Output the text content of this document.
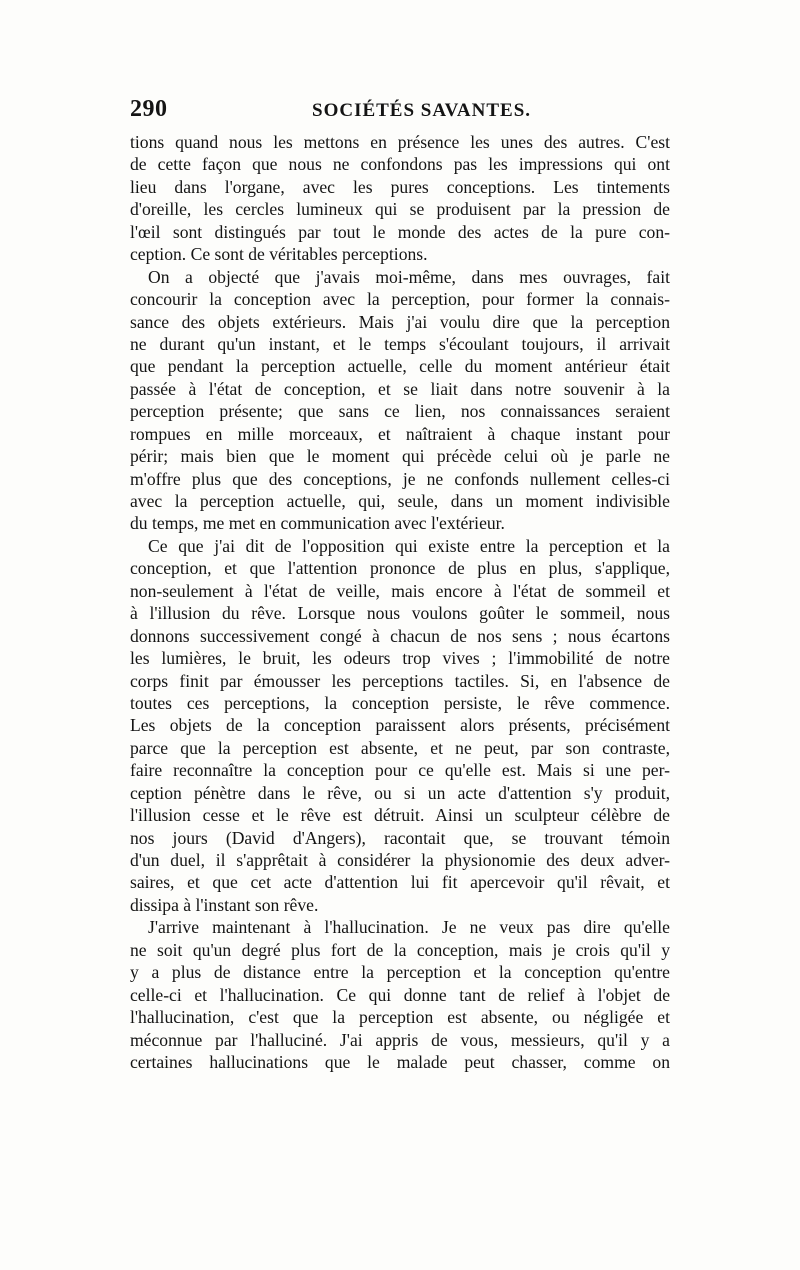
290	SOCIÉTÉS SAVANTES.
tions quand nous les mettons en présence les unes des autres. C'est
de cette façon que nous ne confondons pas les impressions qui ont
lieu dans l'organe, avec les pures conceptions. Les tintements
d'oreille, les cercles lumineux qui se produisent par la pression de
l'œil sont distingués par tout le monde des actes de la pure con-
ception. Ce sont de véritables perceptions.
On a objecté que j'avais moi-même, dans mes ouvrages, fait
concourir la conception avec la perception, pour former la connais-
sance des objets extérieurs. Mais j'ai voulu dire que la perception
ne durant qu'un instant, et le temps s'écoulant toujours, il arrivait
que pendant la perception actuelle, celle du moment antérieur était
passée à l'état de conception, et se liait dans notre souvenir à la
perception présente; que sans ce lien, nos connaissances seraient
rompues en mille morceaux, et naîtraient à chaque instant pour
périr; mais bien que le moment qui précède celui où je parle ne
m'offre plus que des conceptions, je ne confonds nullement celles-ci
avec la perception actuelle, qui, seule, dans un moment indivisible
du temps, me met en communication avec l'extérieur.
Ce que j'ai dit de l'opposition qui existe entre la perception et la
conception, et que l'attention prononce de plus en plus, s'applique,
non-seulement à l'état de veille, mais encore à l'état de sommeil et
à l'illusion du rêve. Lorsque nous voulons goûter le sommeil, nous
donnons successivement congé à chacun de nos sens ; nous écartons
les lumières, le bruit, les odeurs trop vives ; l'immobilité de notre
corps finit par émousser les perceptions tactiles. Si, en l'absence de
toutes ces perceptions, la conception persiste, le rêve commence.
Les objets de la conception paraissent alors présents, précisément
parce que la perception est absente, et ne peut, par son contraste,
faire reconnaître la conception pour ce qu'elle est. Mais si une per-
ception pénètre dans le rêve, ou si un acte d'attention s'y produit,
l'illusion cesse et le rêve est détruit. Ainsi un sculpteur célèbre de
nos jours (David d'Angers), racontait que, se trouvant témoin
d'un duel, il s'apprêtait à considérer la physionomie des deux adver-
saires, et que cet acte d'attention lui fit apercevoir qu'il rêvait, et
dissipa à l'instant son rêve.
J'arrive maintenant à l'hallucination. Je ne veux pas dire qu'elle
ne soit qu'un degré plus fort de la conception, mais je crois qu'il y
y a plus de distance entre la perception et la conception qu'entre
celle-ci et l'hallucination. Ce qui donne tant de relief à l'objet de
l'hallucination, c'est que la perception est absente, ou négligée et
méconnue par l'halluciné. J'ai appris de vous, messieurs, qu'il y a
certaines hallucinations que le malade peut chasser, comme on
